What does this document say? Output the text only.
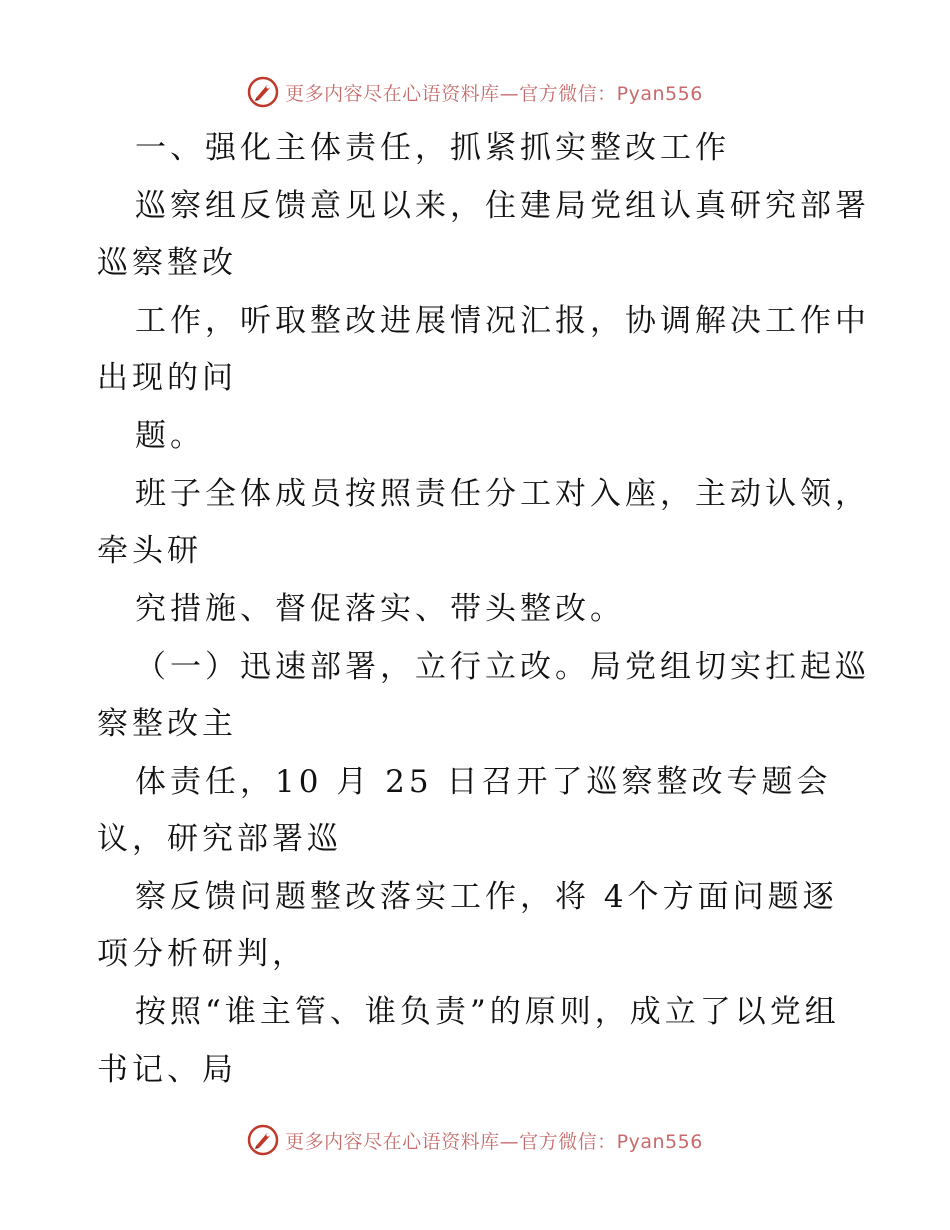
更多内容尽在心语资料库—官方微信：Pyan556
一、强化主体责任，抓紧抓实整改工作
巡察组反馈意见以来，住建局党组认真研究部署
巡察整改
工作，听取整改进展情况汇报，协调解决工作中
出现的问
题。
班子全体成员按照责任分工对入座，主动认领，
牵头研
究措施、督促落实、带头整改。
（一）迅速部署，立行立改。局党组切实扛起巡
察整改主
体责任，10 月 25 日召开了巡察整改专题会
议，研究部署巡
察反馈问题整改落实工作，将 4个方面问题逐
项分析研判，
按照“谁主管、谁负责”的原则，成立了以党组
书记、局
更多内容尽在心语资料库—官方微信：Pyan556
